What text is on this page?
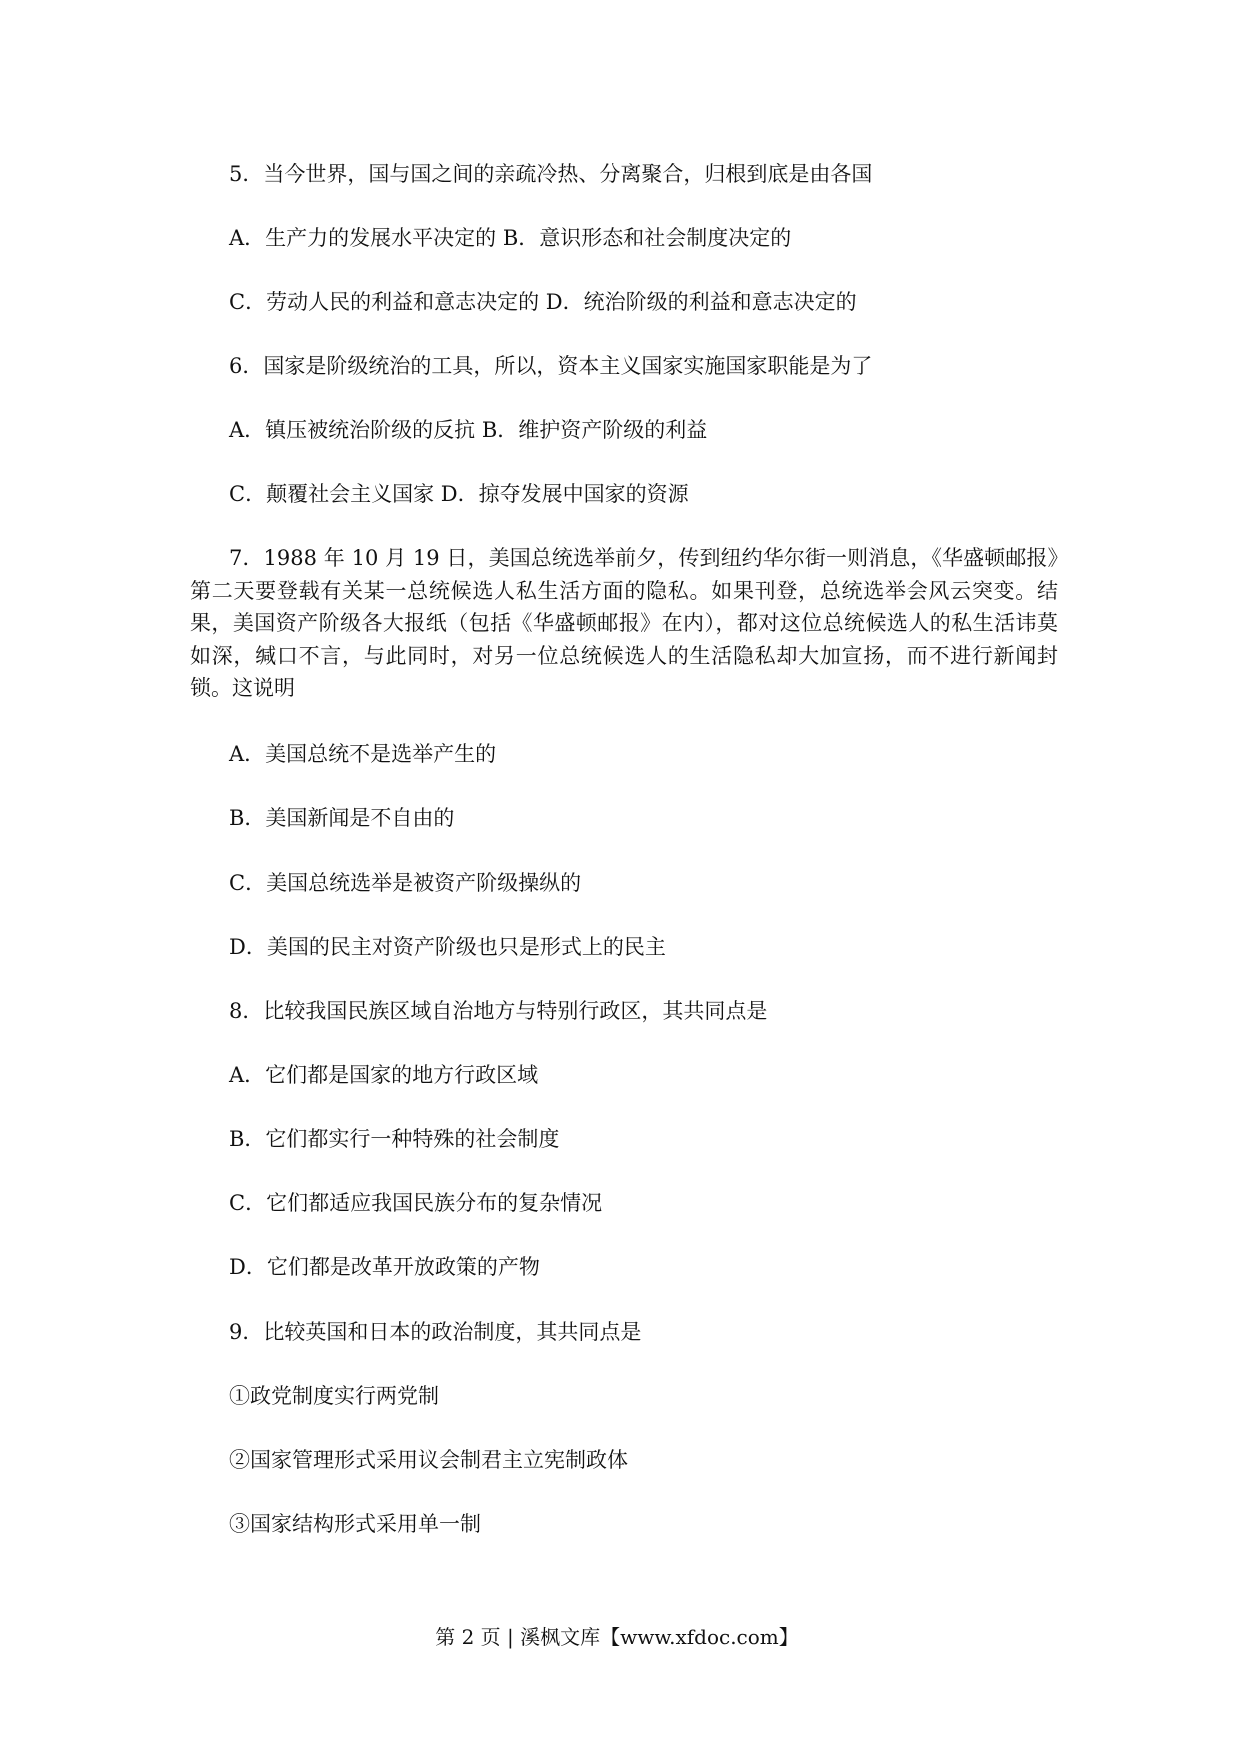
5．当今世界，国与国之间的亲疏冷热、分离聚合，归根到底是由各国
A．生产力的发展水平决定的 B．意识形态和社会制度决定的
C．劳动人民的利益和意志决定的 D．统治阶级的利益和意志决定的
6．国家是阶级统治的工具，所以，资本主义国家实施国家职能是为了
A．镇压被统治阶级的反抗 B．维护资产阶级的利益
C．颠覆社会主义国家 D．掠夺发展中国家的资源
7．1988 年 10 月 19 日，美国总统选举前夕，传到纽约华尔街一则消息，《华盛顿邮报》第二天要登载有关某一总统候选人私生活方面的隐私。如果刊登，总统选举会风云突变。结果，美国资产阶级各大报纸（包括《华盛顿邮报》在内），都对这位总统候选人的私生活讳莫如深，缄口不言，与此同时，对另一位总统候选人的生活隐私却大加宣扬，而不进行新闻封锁。这说明
A．美国总统不是选举产生的
B．美国新闻是不自由的
C．美国总统选举是被资产阶级操纵的
D．美国的民主对资产阶级也只是形式上的民主
8．比较我国民族区域自治地方与特别行政区，其共同点是
A．它们都是国家的地方行政区域
B．它们都实行一种特殊的社会制度
C．它们都适应我国民族分布的复杂情况
D．它们都是改革开放政策的产物
9．比较英国和日本的政治制度，其共同点是
①政党制度实行两党制
②国家管理形式采用议会制君主立宪制政体
③国家结构形式采用单一制
第 2 页 | 溪枫文库【www.xfdoc.com】
